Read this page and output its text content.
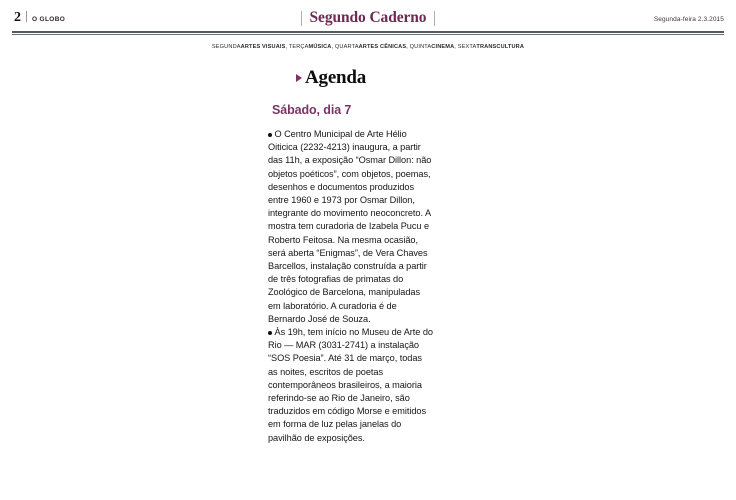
2 O GLOBO	Segundo Caderno	Segunda-feira 2.3.2015
SEGUNDAARTES VISUAIS, TERÇAMÚSICA, QUARTAARTES CÊNICAS, QUINTACINEMA, SEXTATRANSCULTURA
Agenda
Sábado, dia 7

O Centro Municipal de Arte Hélio Oiticica (2232-4213) inaugura, a partir das 11h, a exposição “Osmar Dillon: não objetos poéticos”, com objetos, poemas, desenhos e documentos produzidos entre 1960 e 1973 por Osmar Dillon, integrante do movimento neoconcreto. A mostra tem curadoria de Izabela Pucu e Roberto Feitosa. Na mesma ocasião, será aberta “Enigmas”, de Vera Chaves Barcellos, instalação construída a partir de três fotografias de primatas do Zoológico de Barcelona, manipuladas em laboratório. A curadoria é de Bernardo José de Souza.

Às 19h, tem início no Museu de Arte do Rio — MAR (3031-2741) a instalação “SOS Poesia”. Até 31 de março, todas as noites, escritos de poetas contemporâneos brasileiros, a maioria referindo-se ao Rio de Janeiro, são traduzidos em código Morse e emitidos em forma de luz pelas janelas do pavilhão de exposições.
